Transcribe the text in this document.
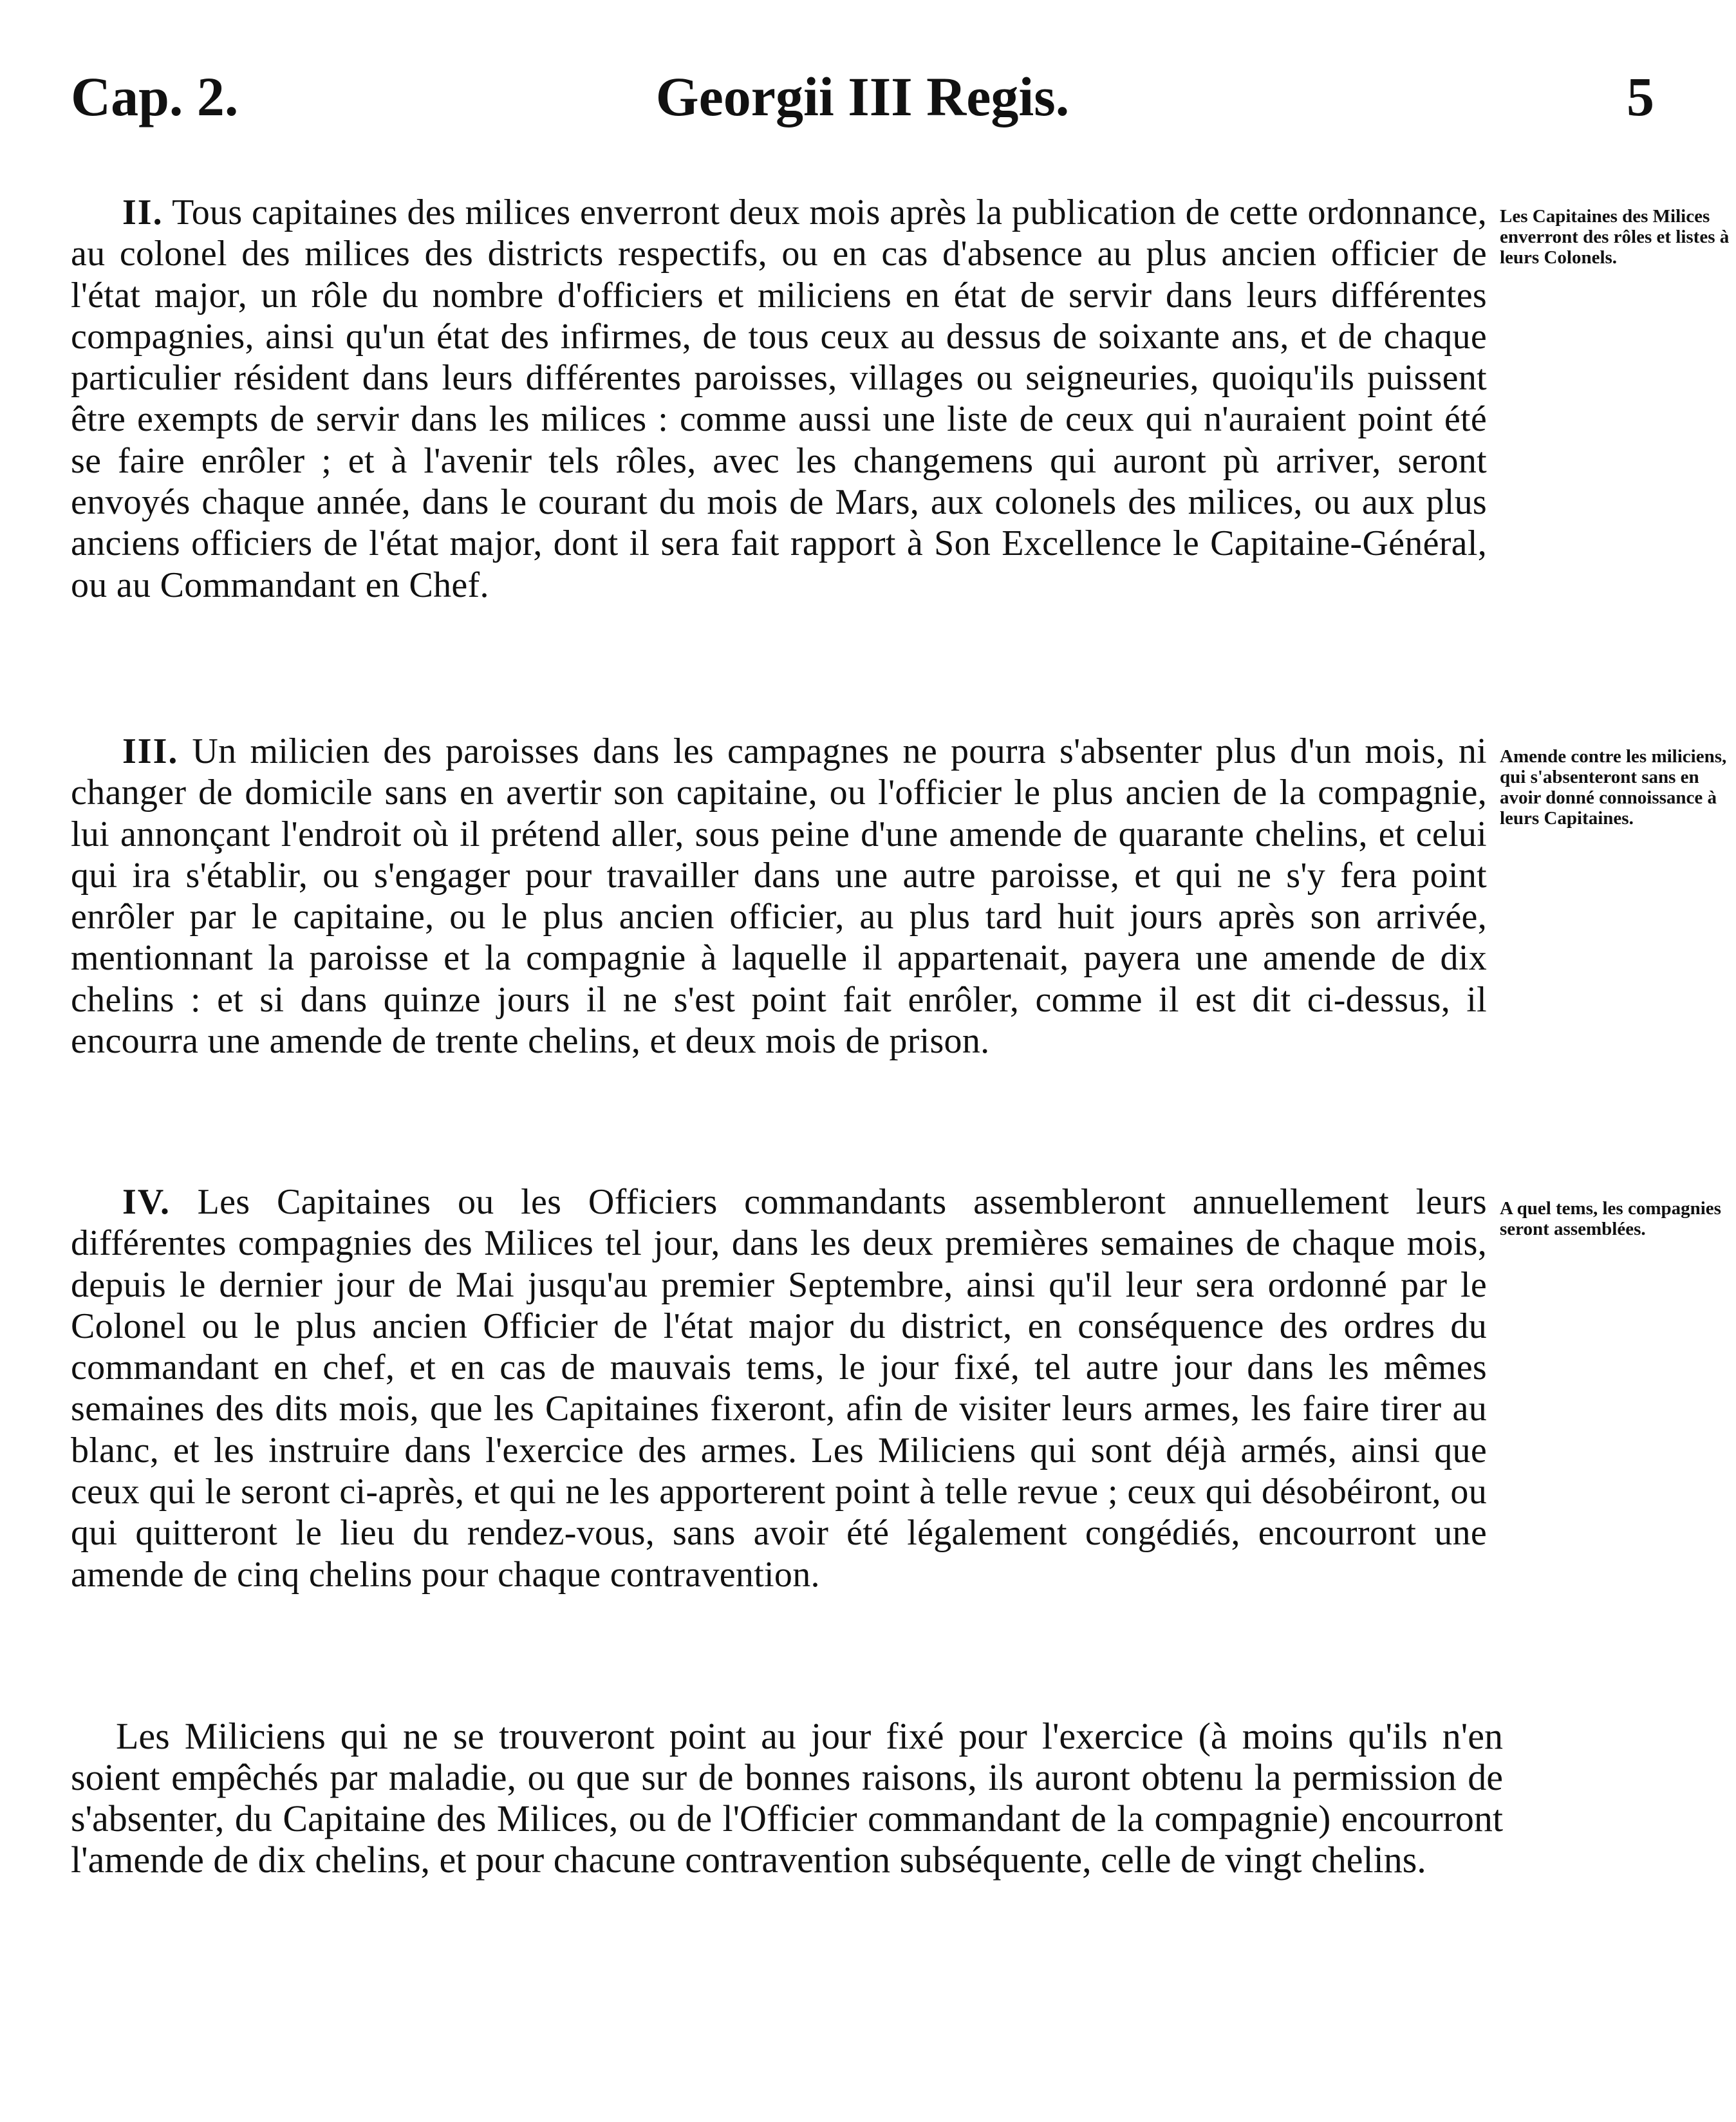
Cap. 2.	Georgii III Regis.	5

II. Tous capitaines des milices enverront deux mois après la publication de cette ordonnance, au colonel des milices des districts respectifs, ou en cas d'absence au plus ancien officier de l'état major, un rôle du nombre d'officiers et miliciens en état de servir dans leurs différentes compagnies, ainsi qu'un état des infirmes, de tous ceux au dessus de soixante ans, et de chaque particulier résident dans leurs différentes paroisses, villages ou seigneuries, quoiqu'ils puissent être exempts de servir dans les milices : comme aussi une liste de ceux qui n'auraient point été se faire enrôler ; et à l'avenir tels rôles, avec les changemens qui auront pù arriver, seront envoyés chaque année, dans le courant du mois de Mars, aux colonels des milices, ou aux plus anciens officiers de l'état major, dont il sera fait rapport à Son Excellence le Capitaine-Général, ou au Commandant en Chef.

Les Capitaines des Milices enverront des rôles et listes à leurs Colonels.

III. Un milicien des paroisses dans les campagnes ne pourra s'absenter plus d'un mois, ni changer de domicile sans en avertir son capitaine, ou l'officier le plus ancien de la compagnie, lui annonçant l'endroit où il prétend aller, sous peine d'une amende de quarante chelins, et celui qui ira s'établir, ou s'engager pour travailler dans une autre paroisse, et qui ne s'y fera point enrôler par le capitaine, ou le plus ancien officier, au plus tard huit jours après son arrivée, mentionnant la paroisse et la compagnie à laquelle il appartenait, payera une amende de dix chelins : et si dans quinze jours il ne s'est point fait enrôler, comme il est dit ci-dessus, il encourra une amende de trente chelins, et deux mois de prison.

Amende contre les miliciens, qui s'absenteront sans en avoir donné connoissance à leurs Capitaines.

IV. Les Capitaines ou les Officiers commandants assembleront annuellement leurs différentes compagnies des Milices tel jour, dans les deux premières semaines de chaque mois, depuis le dernier jour de Mai jusqu'au premier Septembre, ainsi qu'il leur sera ordonné par le Colonel ou le plus ancien Officier de l'état major du district, en conséquence des ordres du commandant en chef, et en cas de mauvais tems, le jour fixé, tel autre jour dans les mêmes semaines des dits mois, que les Capitaines fixeront, afin de visiter leurs armes, les faire tirer au blanc, et les instruire dans l'exercice des armes. Les Miliciens qui sont déjà armés, ainsi que ceux qui le seront ci-après, et qui ne les apporterent point à telle revue ; ceux qui désobéiront, ou qui quitteront le lieu du rendez-vous, sans avoir été légalement congédiés, encourront une amende de cinq chelins pour chaque contravention.

A quel tems, les compagnies seront assemblées.

Les Miliciens qui ne se trouveront point au jour fixé pour l'exercice (à moins qu'ils n'en soient empêchés par maladie, ou que sur de bonnes raisons, ils auront obtenu la permission de s'absenter, du Capitaine des Milices, ou de l'Officier commandant de la compagnie) encourront l'amende de dix chelins, et pour chacune contravention subséquente, celle de vingt chelins.
